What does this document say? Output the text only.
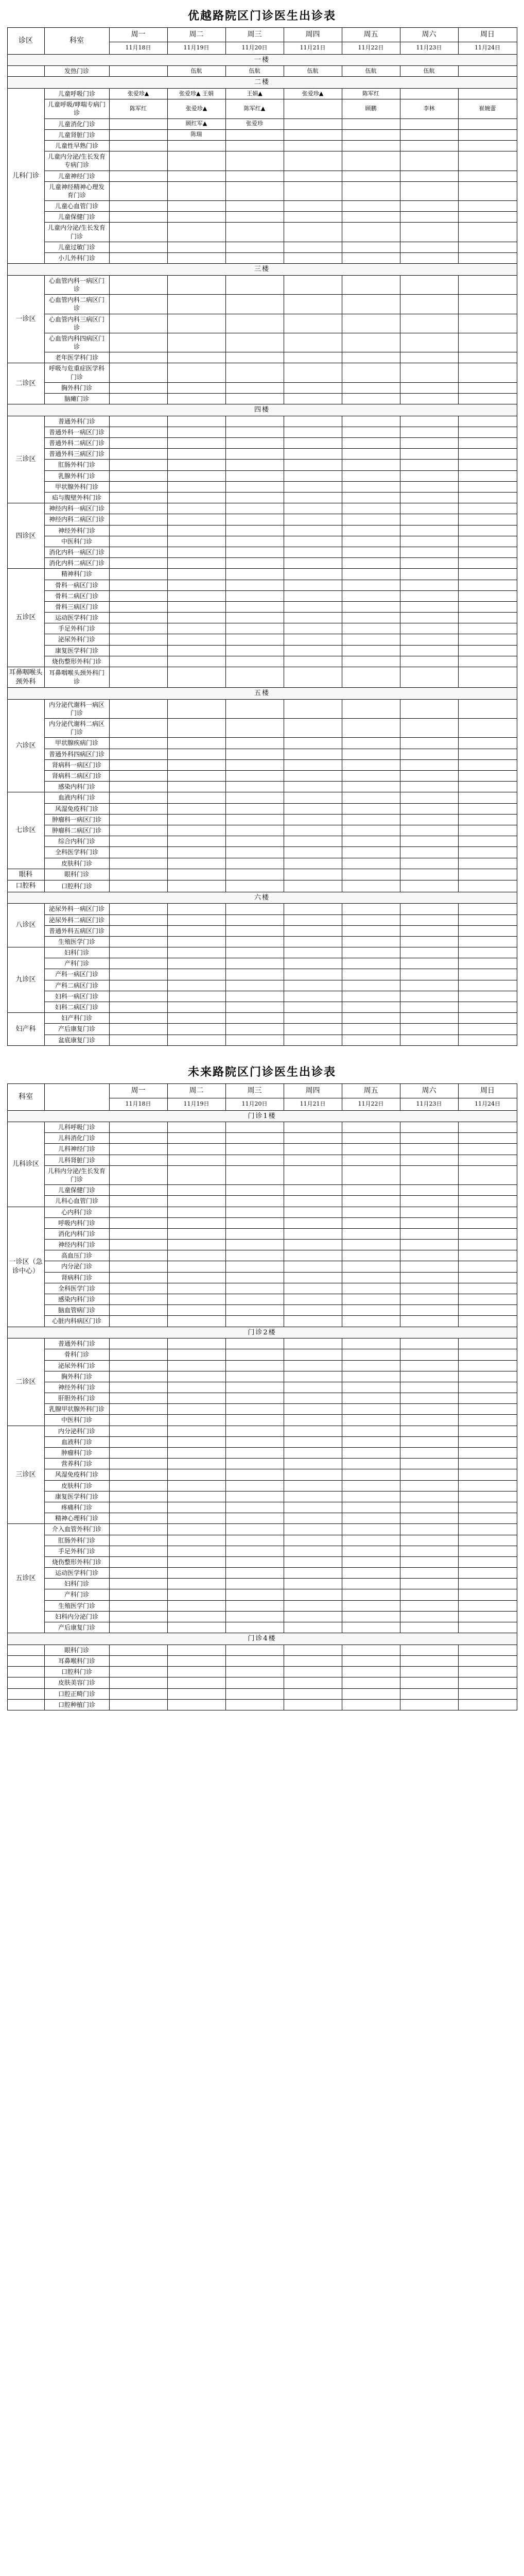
优越路院区门诊医生出诊表
诊区	科室	周一	周二	周三	周四	周五	周六	周日
		11月18日	11月19日	11月20日	11月21日	11月22日	11月23日	11月24日
一楼								
	发热门诊		伍航	伍航	伍航	伍航	伍航	
二楼								
儿科门诊	儿童呼吸门诊	张爱珍▲	张爱珍▲ 王娟	王娟▲	张爱珍▲	陈军红		
	儿童呼吸/哮喘专病门诊	陈军红	张爱珍▲	陈军红▲		顾鹏	李林	崔婉蕾
	儿童消化门诊		顾红军▲	张爱珍				
	儿童肾脏门诊		陈瑞					
	儿童性早熟门诊							
	儿童内分泌/生长发育专病门诊							
	儿童神经门诊							
	儿童神经精神心理发育门诊							
	儿童心血管门诊							
	儿童保健门诊							
	儿童内分泌/生长发育门诊							
	儿童过敏门诊							
	小儿外科门诊							
三楼								
一诊区	心血管内科一病区门诊							
	心血管内科二病区门诊							
	心血管内科三病区门诊							
	心血管内科四病区门诊							
	老年医学科门诊							
二诊区	呼吸与危重症医学科门诊							
	胸外科门诊							
	脑瘫门诊							
四楼								
三诊区	普通外科门诊							
	普通外科一病区门诊							
	普通外科二病区门诊							
	普通外科三病区门诊							
	肛肠外科门诊							
	乳腺外科门诊							
	甲状腺外科门诊							
	疝与腹壁外科门诊							
四诊区	神经内科一病区门诊							
	神经内科二病区门诊							
	神经外科门诊							
	中医科门诊							
	消化内科一病区门诊							
	消化内科二病区门诊							
五诊区	精神科门诊							
	骨科一病区门诊							
	骨科二病区门诊							
	骨科三病区门诊							
	运动医学科门诊							
	手足外科门诊							
	泌尿外科门诊							
	康复医学科门诊							
	烧伤整形外科门诊							
耳鼻咽喉头颈外科	耳鼻咽喉头颈外科门诊							
五楼								
六诊区	内分泌代谢科一病区门诊							
	内分泌代谢科二病区门诊							
	甲状腺疾病门诊							
	普通外科四病区门诊							
	肾病科一病区门诊							
	肾病科二病区门诊							
	感染内科门诊							
七诊区	血液内科门诊							
	风湿免疫科门诊							
	肿瘤科一病区门诊							
	肿瘤科二病区门诊							
	综合内科门诊							
	全科医学科门诊							
	皮肤科门诊							
眼科	眼科门诊							
口腔科	口腔科门诊							
六楼								
八诊区	泌尿外科一病区门诊							
	泌尿外科二病区门诊							
	普通外科五病区门诊							
	生殖医学门诊							
九诊区	妇科门诊							
	产科门诊							
	产科一病区门诊							
	产科二病区门诊							
	妇科一病区门诊							
	妇科二病区门诊							
妇产科	妇产科门诊							
	产后康复门诊							
	盆底康复门诊							
未来路院区门诊医生出诊表
科室		周一	周二	周三	周四	周五	周六	周日
		11月18日	11月19日	11月20日	11月21日	11月22日	11月23日	11月24日
门诊1楼								
儿科诊区	儿科呼吸门诊							
	儿科消化门诊							
	儿科神经门诊							
	儿科肾脏门诊							
	儿科内分泌/生长发育门诊							
	儿童保健门诊							
	儿科心血管门诊							
一诊区（急诊中心）	心内科门诊							
	呼吸内科门诊							
	消化内科门诊							
	神经内科门诊							
	高血压门诊							
	内分泌门诊							
	肾病科门诊							
	全科医学门诊							
	感染内科门诊							
	脑血管病门诊							
	心脏内科病区门诊							
门诊2楼								
二诊区	普通外科门诊							
	骨科门诊							
	泌尿外科门诊							
	胸外科门诊							
	神经外科门诊							
	肝胆外科门诊							
	乳腺甲状腺外科门诊							
	中医科门诊							
三诊区	内分泌科门诊							
	血液科门诊							
	肿瘤科门诊							
	营养科门诊							
	风湿免疫科门诊							
	皮肤科门诊							
	康复医学科门诊							
	疼痛科门诊							
	精神心理科门诊							
五诊区	介入血管外科门诊							
	肛肠外科门诊							
	手足外科门诊							
	烧伤整形外科门诊							
	运动医学科门诊							
	妇科门诊							
	产科门诊							
	生殖医学门诊							
	妇科内分泌门诊							
	产后康复门诊							
门诊4楼								
	眼科门诊							
	耳鼻喉科门诊							
	口腔科门诊							
	皮肤美容门诊							
	口腔正畸门诊							
	口腔种植门诊							
